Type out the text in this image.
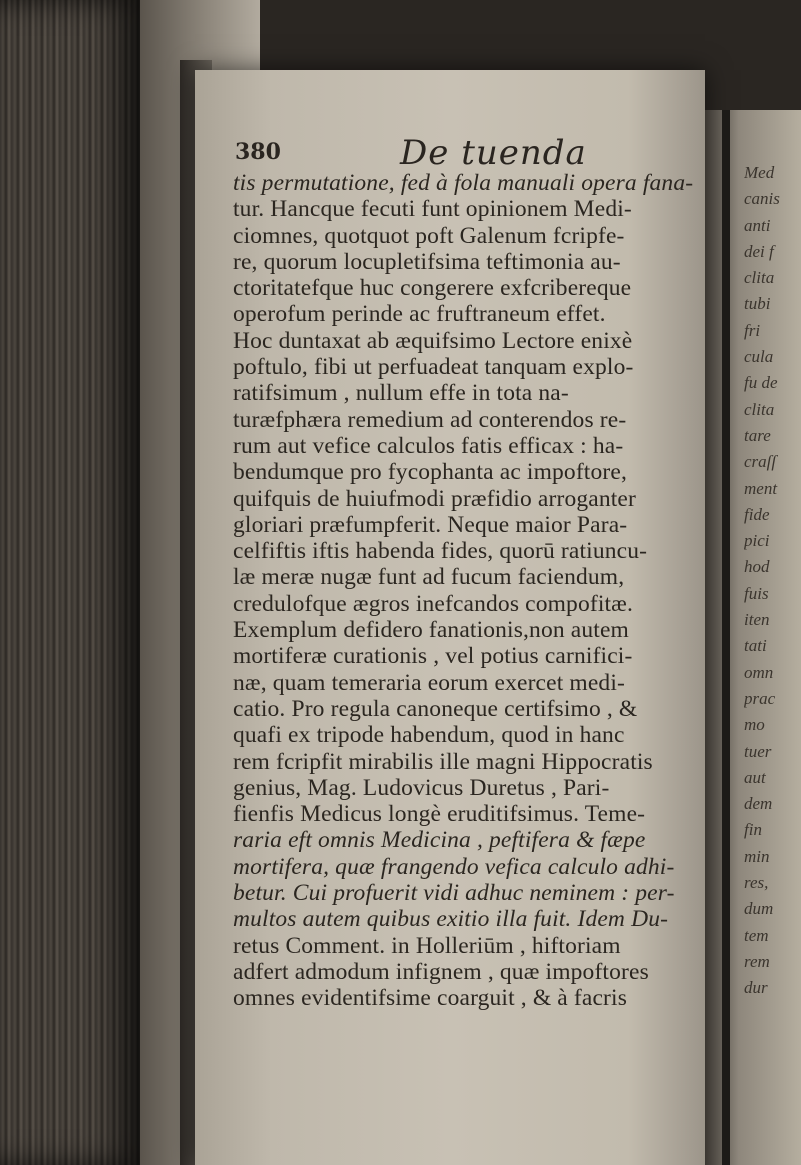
380	De tuenda
tis permutatione, fed à fola manuali opera fana-
tur. Hancque fecuti funt opinionem Medi-
ciomnes, quotquot poft Galenum fcripfe-
re, quorum locupletifsima teftimonia au-
ctoritatefque huc congerere exfcribereque
operofum perinde ac fruftraneum effet.
Hoc duntaxat ab æquifsimo Lectore enixè
poftulo, fibi ut perfuadeat tanquam explo-
ratifsimum , nullum effe in tota na-
turæfphæra remedium ad conterendos re-
rum aut vefice calculos fatis efficax : ha-
bendumque pro fycophanta ac impoftore,
quifquis de huiufmodi præfidio arroganter
gloriari præfumpferit. Neque maior Para-
celfiftis iftis habenda fides, quorū ratiuncu-
læ meræ nugæ funt ad fucum faciendum,
credulofque ægros inefcandos compofitæ.
Exemplum defidero fanationis,non autem
mortiferæ curationis , vel potius carnifici-
næ, quam temeraria eorum exercet medi-
catio. Pro regula canoneque certifsimo , &
quafi ex tripode habendum, quod in hanc
rem fcripfit mirabilis ille magni Hippocratis
genius, Mag. Ludovicus Duretus , Pari-
fienfis Medicus longè eruditifsimus. Teme-
raria eft omnis Medicina , peftifera & fæpe
mortifera, quæ frangendo vefica calculo adhi-
betur. Cui profuerit vidi adhuc neminem : per-
multos autem quibus exitio illa fuit. Idem Du-
retus Comment. in Holleriūm , hiftoriam
adfert admodum infignem , quæ impoftores
omnes evidentifsime coarguit , & à facris
Med
canis
anti
dei f
clita
tubi
fri
cula
fu de
clita
tare
craſſ
ment
fide
pici
hod
fuis
iten
tati
omn
prac
mo
tuer
aut
dem
fin
min
res,
dum
tem
rem
dur
